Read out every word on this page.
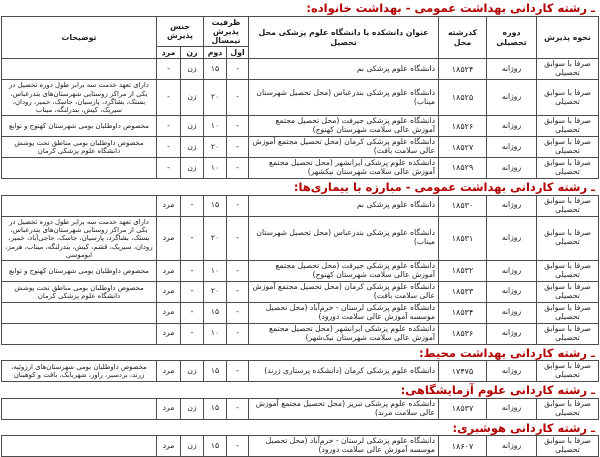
ـ رشته کاردانی بهداشت عمومی - بهداشت خانواده:
نحوه پذیرش	دوره تحصیلی	کدرشته محل	عنوان دانشکده یا دانشگاه علوم پزشکی محل تحصیل	ظرفیت پذیرش نیمسال		جنس پذیرش		توضیحات
				اول	دوم	زن	مرد	
صرفا با سوابق تحصیلی	روزانه	۱۸۵۲۴	دانشگاه علوم پزشکی بم	-	۱۵	زن	-	
صرفا با سوابق تحصیلی	روزانه	۱۸۵۲۵	دانشگاه علوم پزشکی بندرعباس (محل تحصیل شهرستان میناب)	-	۲۰	زن	-	دارای تعهد خدمت سه برابر طول دوره تحصیل در یکی از مراکز روستایی شهرستان‌های بندرعباس، بستک، بشاگرد، پارسیان، جاسک، خمیر، رودان، سیریک، کیش، بندرلنگه، میناب
صرفا با سوابق تحصیلی	روزانه	۱۸۵۲۶	دانشگاه علوم پزشکی جیرفت (محل تحصیل مجتمع آموزش عالی سلامت شهرستان کهنوج)	-	۱۰	زن	-	مخصوص داوطلبان بومی شهرستان کهنوج و توابع
صرفا با سوابق تحصیلی	روزانه	۱۸۵۲۷	دانشگاه علوم پزشکی کرمان (محل تحصیل مجتمع آموزش عالی سلامت بافت)	-	۲۰	زن	-	مخصوص داوطلبان بومی مناطق تحت پوشش دانشگاه علوم پزشکی کرمان
صرفا با سوابق تحصیلی	روزانه	۱۸۵۲۹	دانشکده علوم پزشکی ایرانشهر (محل تحصیل مجتمع آموزش عالی سلامت شهرستان نیکشهر)	-	۱۰	زن	-	
ـ رشته کاردانی بهداشت عمومی - مبارزه با بیماری‌ها:
صرفا با سوابق تحصیلی	روزانه	۱۸۵۳۰	دانشگاه علوم پزشکی بم	-	۱۵	-	مرد	
صرفا با سوابق تحصیلی	روزانه	۱۸۵۳۱	دانشگاه علوم پزشکی بندرعباس (محل تحصیل شهرستان میناب)	-	۲۰	-	مرد	دارای تعهد خدمت سه برابر طول دوره تحصیل در یکی از مراکز روستایی شهرستان‌های بندرعباس، بستک، بشاگرد، پارسیان، جاسک، حاجی‌آباد، خمیر، رودان، سیریک، قشم، کیش، بندرلنگه، میناب، هرمز، ابوموسی
صرفا با سوابق تحصیلی	روزانه	۱۸۵۳۲	دانشگاه علوم پزشکی جیرفت (محل تحصیل مجتمع آموزش عالی سلامت شهرستان کهنوج)	-	۱۰	-	مرد	مخصوص داوطلبان بومی شهرستان کهنوج و توابع
صرفا با سوابق تحصیلی	روزانه	۱۸۵۳۳	دانشگاه علوم پزشکی کرمان (محل تحصیل مجتمع آموزش عالی سلامت بافت)	-	۲۰	-	مرد	مخصوص داوطلبان بومی مناطق تحت پوشش دانشگاه علوم پزشکی کرمان
صرفا با سوابق تحصیلی	روزانه	۱۸۵۳۴	دانشگاه علوم پزشکی لرستان - خرم‌آباد (محل تحصیل موسسه آموزش عالی سلامت دورود)	-	۱۵	-	مرد	
صرفا با سوابق تحصیلی	روزانه	۱۸۵۳۶	دانشکده علوم پزشکی ایرانشهر (محل تحصیل مجتمع آموزش عالی سلامت شهرستان نیک‌شهر)	-	۱۰	-	مرد	
ـ رشته کاردانی بهداشت محیط:
صرفا با سوابق تحصیلی	روزانه	۱۷۴۷۵	دانشگاه علوم پزشکی کرمان (دانشکده پرستاری زرند)	-	۱۵	زن	مرد	مخصوص داوطلبان بومی شهرستان‌های ارزوئیه، زرند، بردسیر، راور، شهربابک، بافت و کوهبنان
ـ رشته کاردانی علوم آزمایشگاهی:
صرفا با سوابق تحصیلی	روزانه	۱۸۵۳۷	دانشکده علوم پزشکی تبریز (محل تحصیل مجتمع آموزش عالی سلامت مرند)	-	۱۵	زن	مرد	
ـ رشته کاردانی هوشبری:
صرفا با سوابق تحصیلی	روزانه	۱۸۶۰۷	دانشگاه علوم پزشکی لرستان - خرم‌آباد (محل تحصیل موسسه آموزش عالی سلامت دورود)	-	۱۵	زن	مرد	
